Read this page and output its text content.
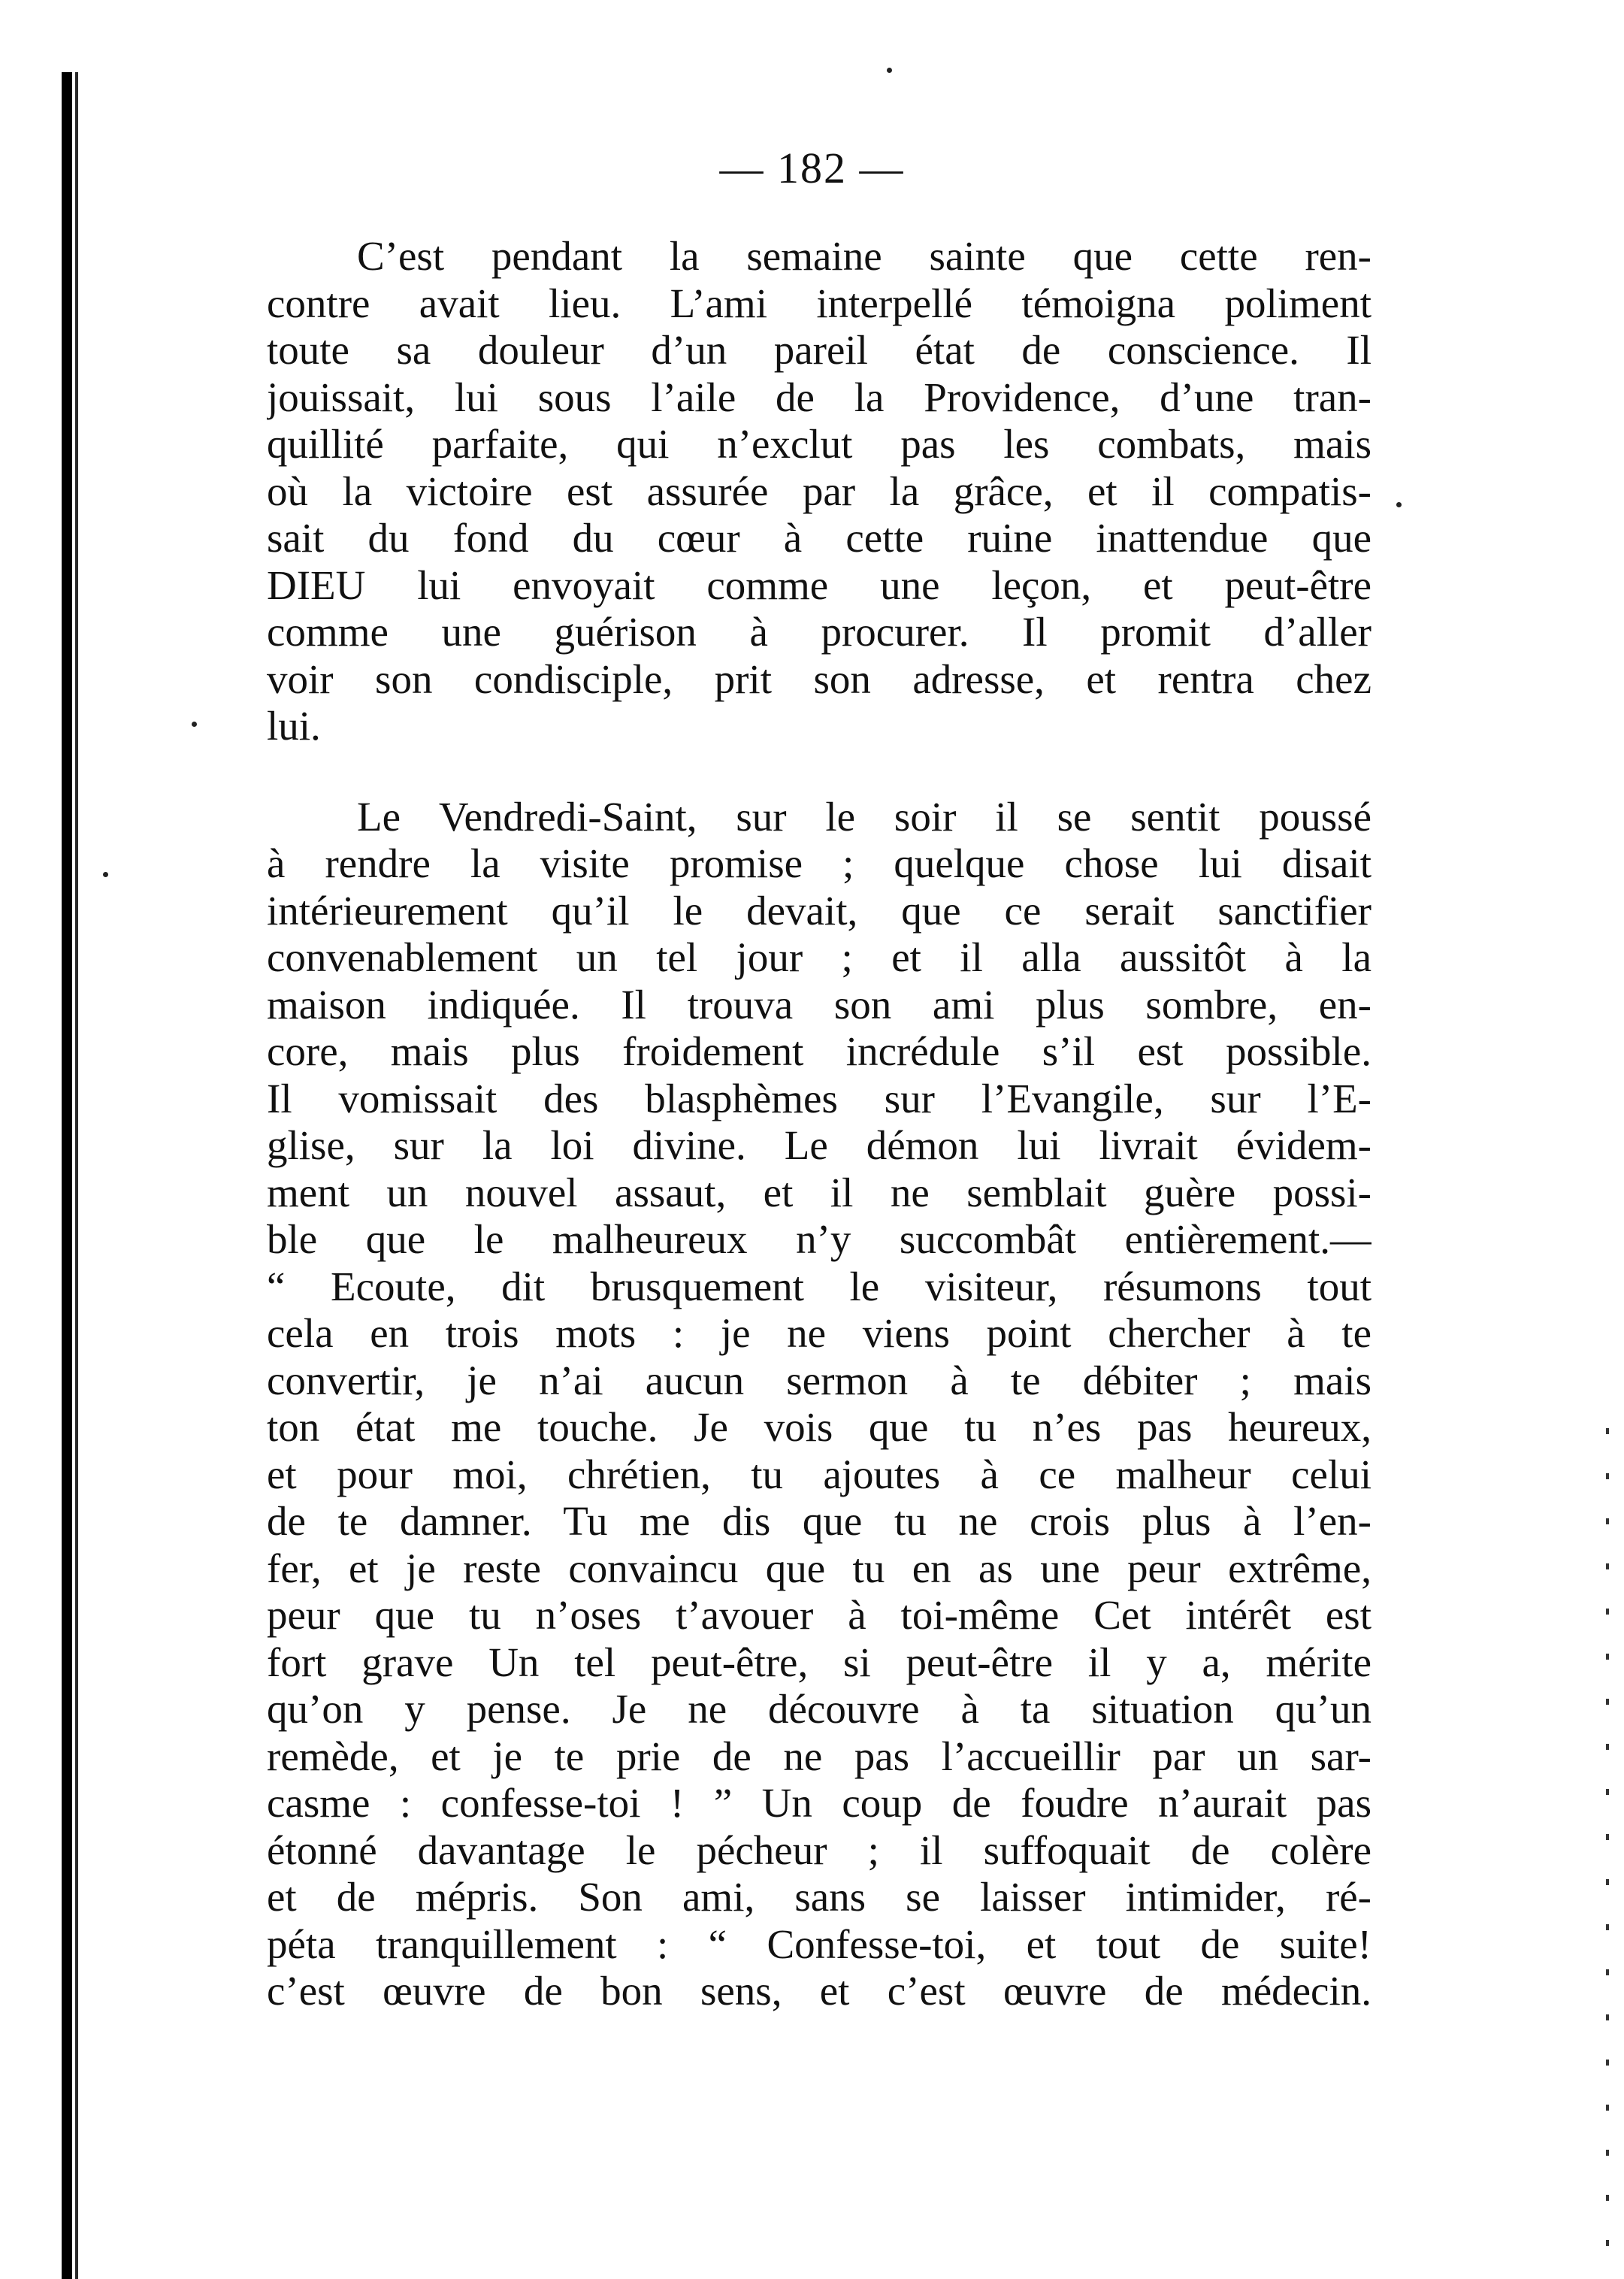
— 182 —
C’est pendant la semaine sainte que cette ren-
contre avait lieu. L’ami interpellé témoigna poliment
toute sa douleur d’un pareil état de conscience. Il
jouissait, lui sous l’aile de la Providence, d’une tran-
quillité parfaite, qui n’exclut pas les combats, mais
où la victoire est assurée par la grâce, et il compatis-
sait du fond du cœur à cette ruine inattendue que
DIEU lui envoyait comme une leçon, et peut-être
comme une guérison à procurer. Il promit d’aller
voir son condisciple, prit son adresse, et rentra chez
lui.
Le Vendredi-Saint, sur le soir il se sentit poussé
à rendre la visite promise ; quelque chose lui disait
intérieurement qu’il le devait, que ce serait sanctifier
convenablement un tel jour ; et il alla aussitôt à la
maison indiquée. Il trouva son ami plus sombre, en-
core, mais plus froidement incrédule s’il est possible.
Il vomissait des blasphèmes sur l’Evangile, sur l’E-
glise, sur la loi divine. Le démon lui livrait évidem-
ment un nouvel assaut, et il ne semblait guère possi-
ble que le malheureux n’y succombât entièrement.—
“ Ecoute, dit brusquement le visiteur, résumons tout
cela en trois mots : je ne viens point chercher à te
convertir, je n’ai aucun sermon à te débiter ; mais
ton état me touche. Je vois que tu n’es pas heureux,
et pour moi, chrétien, tu ajoutes à ce malheur celui
de te damner. Tu me dis que tu ne crois plus à l’en-
fer, et je reste convaincu que tu en as une peur extrême,
peur que tu n’oses t’avouer à toi-même Cet intérêt est
fort grave Un tel peut-être, si peut-être il y a, mérite
qu’on y pense. Je ne découvre à ta situation qu’un
remède, et je te prie de ne pas l’accueillir par un sar-
casme : confesse-toi ! ” Un coup de foudre n’aurait pas
étonné davantage le pécheur ; il suffoquait de colère
et de mépris. Son ami, sans se laisser intimider, ré-
péta tranquillement : “ Confesse-toi, et tout de suite!
c’est œuvre de bon sens, et c’est œuvre de médecin.
